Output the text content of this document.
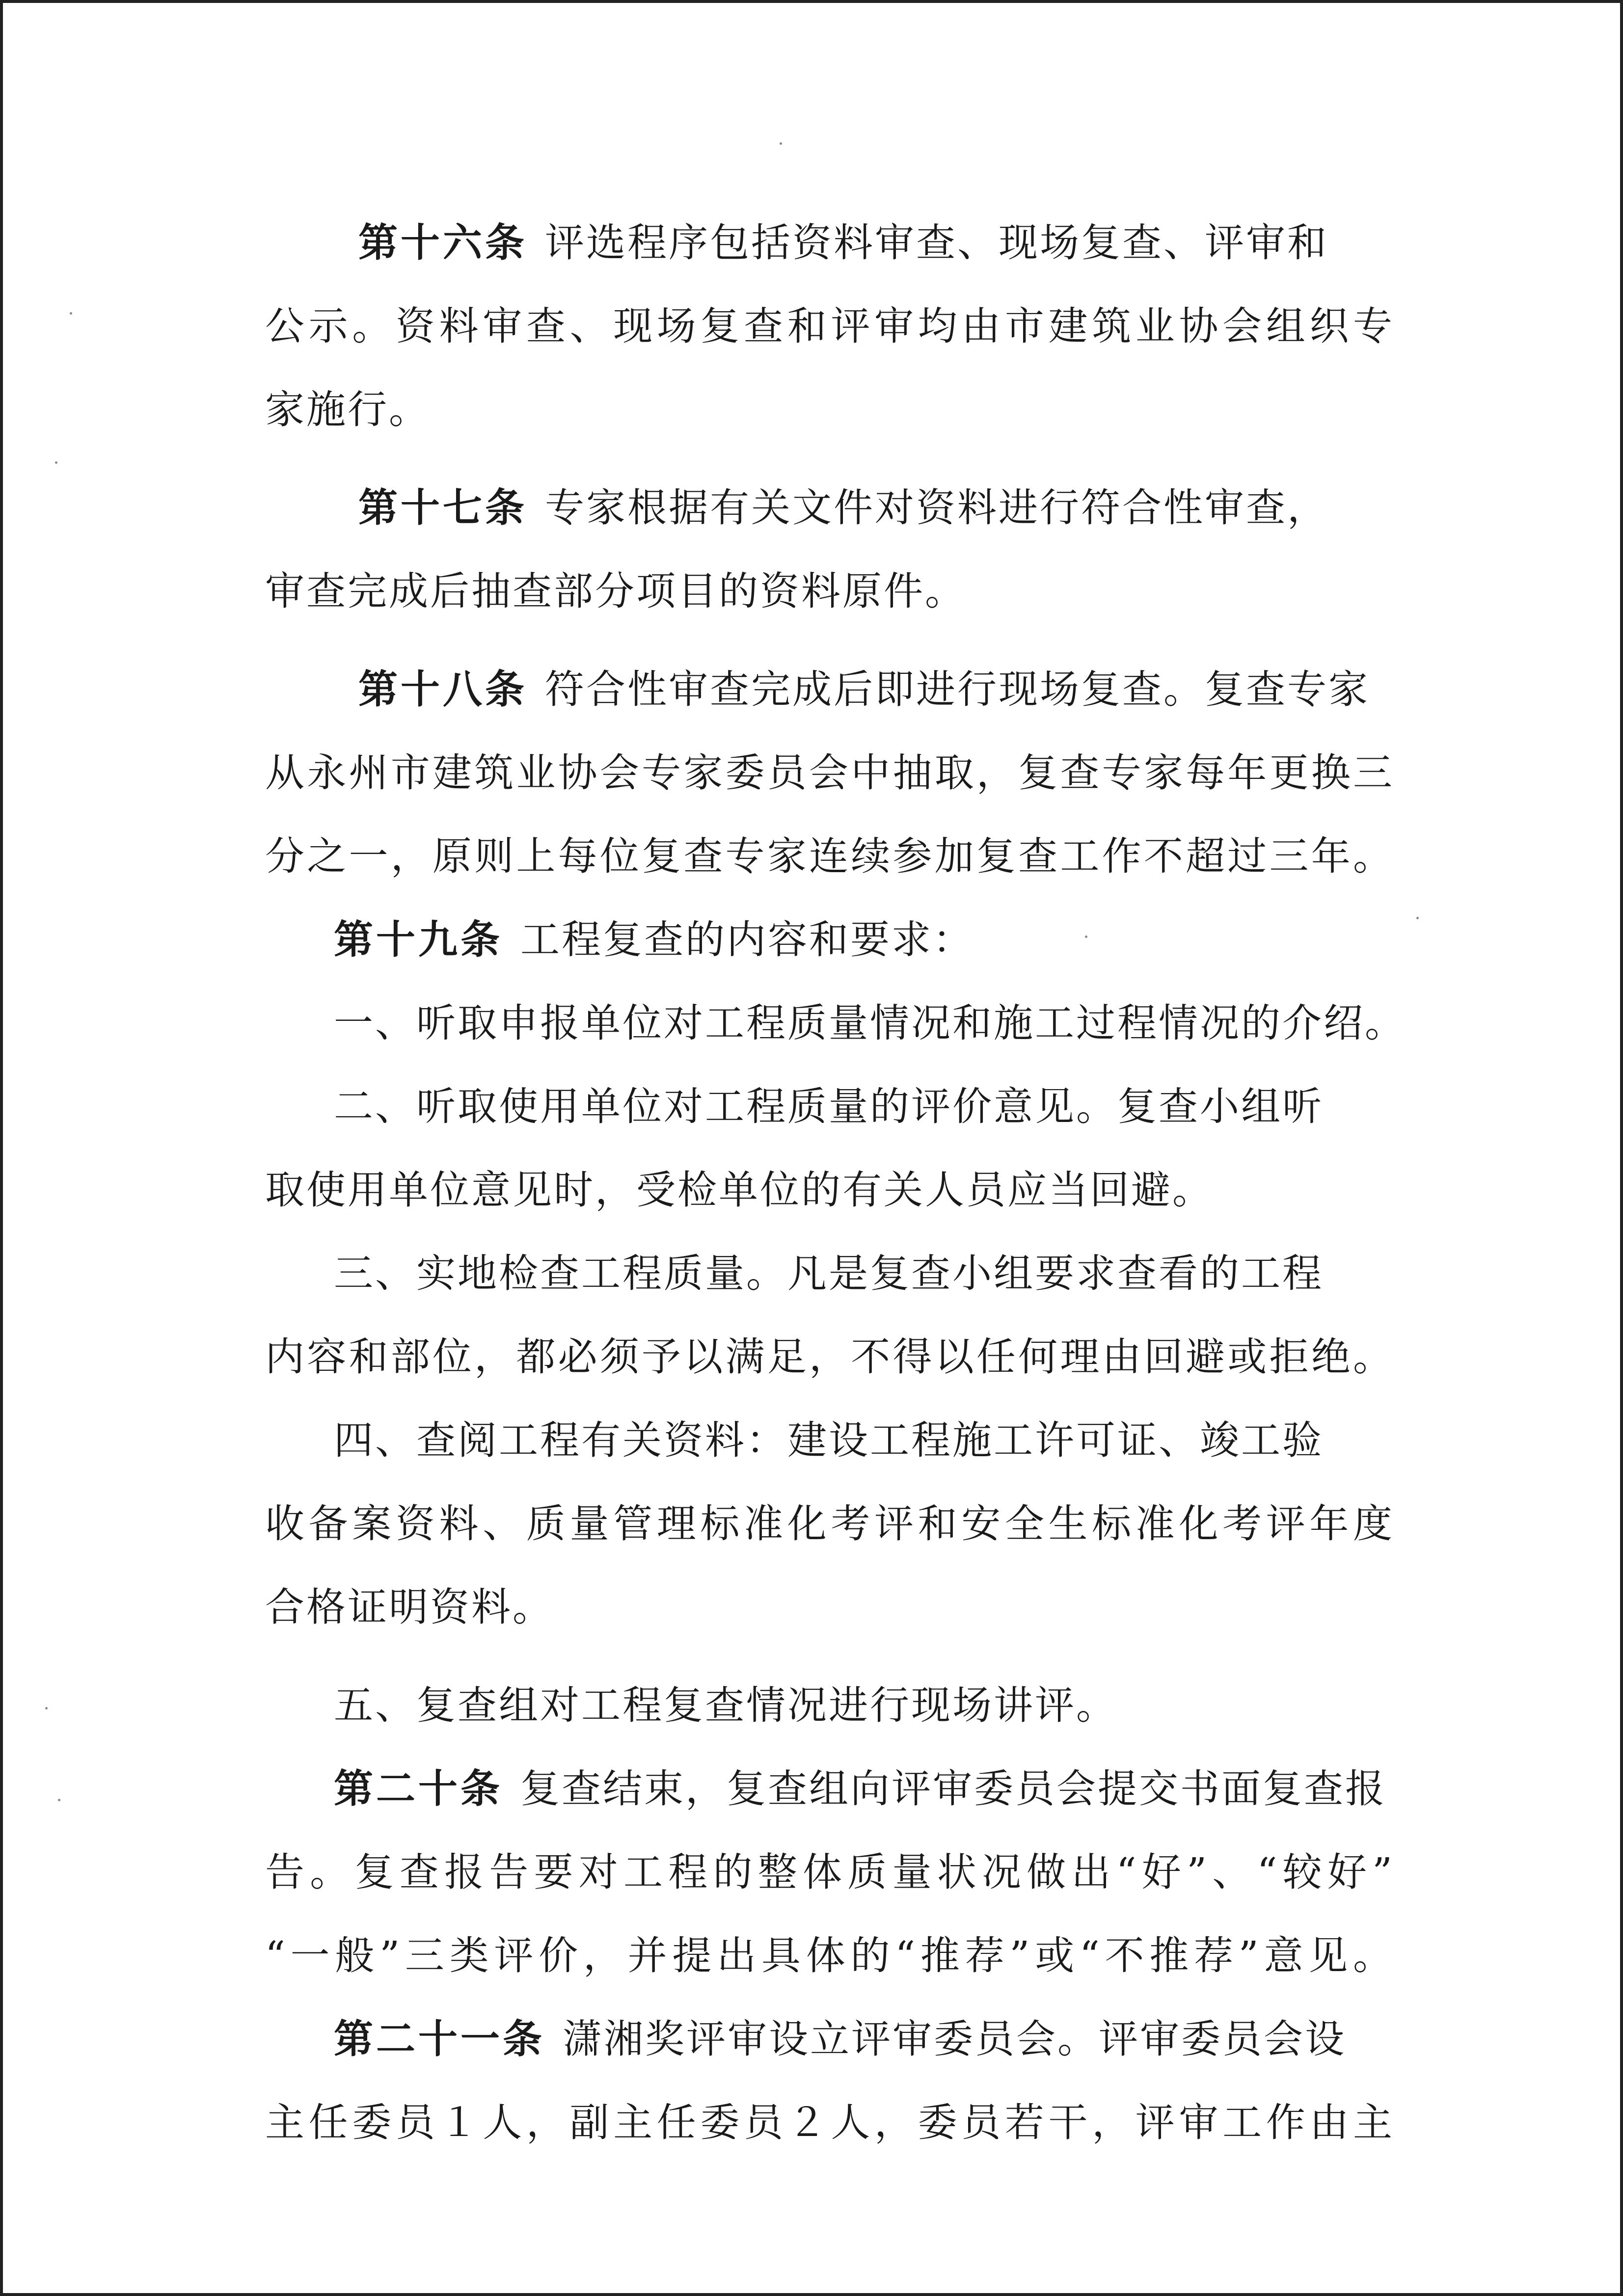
第十六条 评选程序包括资料审查、现场复查、评审和
公示。资料审查、现场复查和评审均由市建筑业协会组织专
家施行。
第十七条 专家根据有关文件对资料进行符合性审查，
审查完成后抽查部分项目的资料原件。
第十八条 符合性审查完成后即进行现场复查。复查专家
从永州市建筑业协会专家委员会中抽取，复查专家每年更换三
分之一，原则上每位复查专家连续参加复查工作不超过三年。
第十九条 工程复查的内容和要求：
一、听取申报单位对工程质量情况和施工过程情况的介绍。
二、听取使用单位对工程质量的评价意见。复查小组听
取使用单位意见时，受检单位的有关人员应当回避。
三、实地检查工程质量。凡是复查小组要求查看的工程
内容和部位，都必须予以满足，不得以任何理由回避或拒绝。
四、查阅工程有关资料：建设工程施工许可证、竣工验
收备案资料、质量管理标准化考评和安全生标准化考评年度
合格证明资料。
五、复查组对工程复查情况进行现场讲评。
第二十条 复查结束，复查组向评审委员会提交书面复查报
告。复查报告要对工程的整体质量状况做出“好”、“较好”
“一般”三类评价，并提出具体的“推荐”或“不推荐”意见。
第二十一条 潇湘奖评审设立评审委员会。评审委员会设
主任委员１人，副主任委员２人，委员若干，评审工作由主
